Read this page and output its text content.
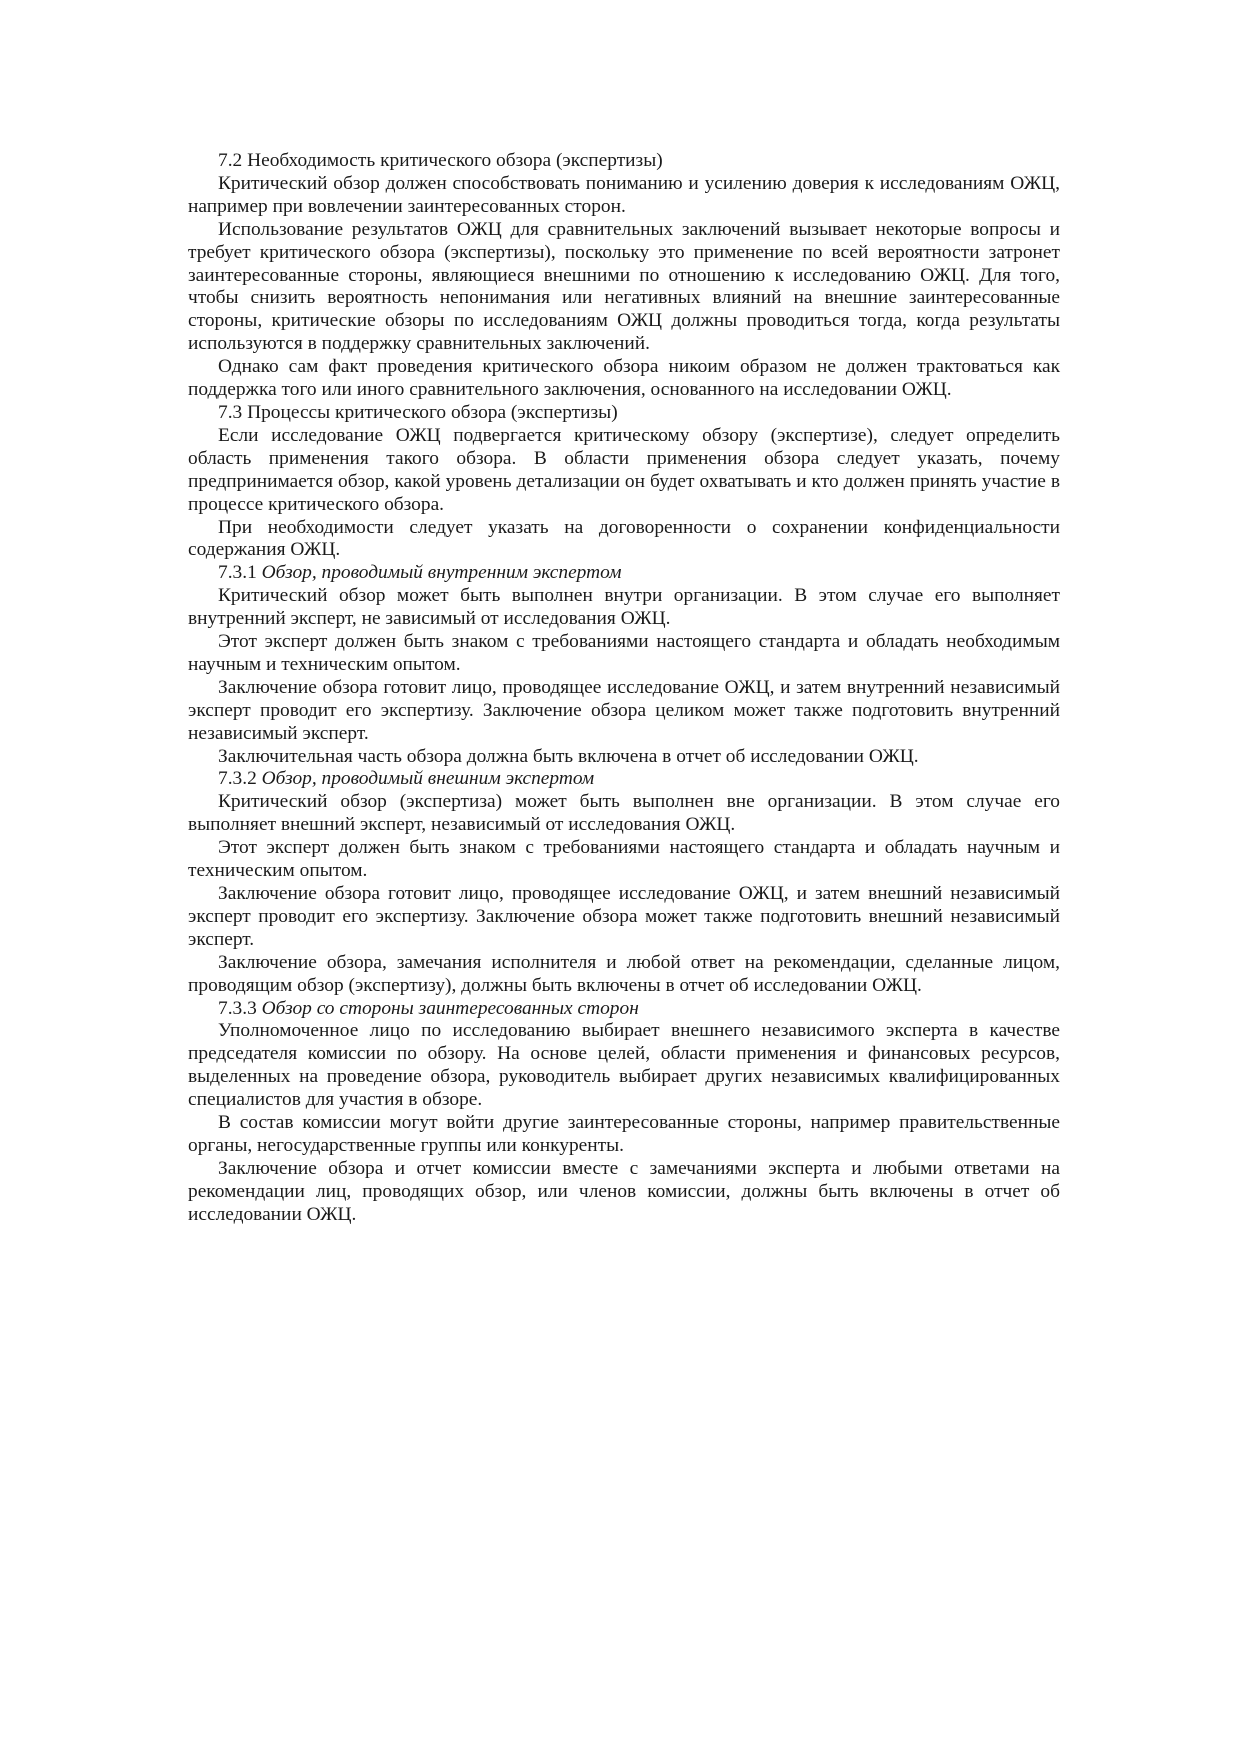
7.2 Необходимость критического обзора (экспертизы)

Критический обзор должен способствовать пониманию и усилению доверия к исследованиям ОЖЦ, например при вовлечении заинтересованных сторон.

Использование результатов ОЖЦ для сравнительных заключений вызывает некоторые вопросы и требует критического обзора (экспертизы), поскольку это применение по всей вероятности затронет заинтересованные стороны, являющиеся внешними по отношению к исследованию ОЖЦ. Для того, чтобы снизить вероятность непонимания или негативных влияний на внешние заинтересованные стороны, критические обзоры по исследованиям ОЖЦ должны проводиться тогда, когда результаты используются в поддержку сравнительных заключений.

Однако сам факт проведения критического обзора никоим образом не должен трактоваться как поддержка того или иного сравнительного заключения, основанного на исследовании ОЖЦ.

7.3 Процессы критического обзора (экспертизы)

Если исследование ОЖЦ подвергается критическому обзору (экспертизе), следует определить область применения такого обзора. В области применения обзора следует указать, почему предпринимается обзор, какой уровень детализации он будет охватывать и кто должен принять участие в процессе критического обзора.

При необходимости следует указать на договоренности о сохранении конфиденциальности содержания ОЖЦ.

7.3.1 Обзор, проводимый внутренним экспертом

Критический обзор может быть выполнен внутри организации. В этом случае его выполняет внутренний эксперт, не зависимый от исследования ОЖЦ.

Этот эксперт должен быть знаком с требованиями настоящего стандарта и обладать необходимым научным и техническим опытом.

Заключение обзора готовит лицо, проводящее исследование ОЖЦ, и затем внутренний независимый эксперт проводит его экспертизу. Заключение обзора целиком может также подготовить внутренний независимый эксперт.

Заключительная часть обзора должна быть включена в отчет об исследовании ОЖЦ.

7.3.2 Обзор, проводимый внешним экспертом

Критический обзор (экспертиза) может быть выполнен вне организации. В этом случае его выполняет внешний эксперт, независимый от исследования ОЖЦ.

Этот эксперт должен быть знаком с требованиями настоящего стандарта и обладать научным и техническим опытом.

Заключение обзора готовит лицо, проводящее исследование ОЖЦ, и затем внешний независимый эксперт проводит его экспертизу. Заключение обзора может также подготовить внешний независимый эксперт.

Заключение обзора, замечания исполнителя и любой ответ на рекомендации, сделанные лицом, проводящим обзор (экспертизу), должны быть включены в отчет об исследовании ОЖЦ.

7.3.3 Обзор со стороны заинтересованных сторон

Уполномоченное лицо по исследованию выбирает внешнего независимого эксперта в качестве председателя комиссии по обзору. На основе целей, области применения и финансовых ресурсов, выделенных на проведение обзора, руководитель выбирает других независимых квалифицированных специалистов для участия в обзоре.

В состав комиссии могут войти другие заинтересованные стороны, например правительственные органы, негосударственные группы или конкуренты.

Заключение обзора и отчет комиссии вместе с замечаниями эксперта и любыми ответами на рекомендации лиц, проводящих обзор, или членов комиссии, должны быть включены в отчет об исследовании ОЖЦ.
